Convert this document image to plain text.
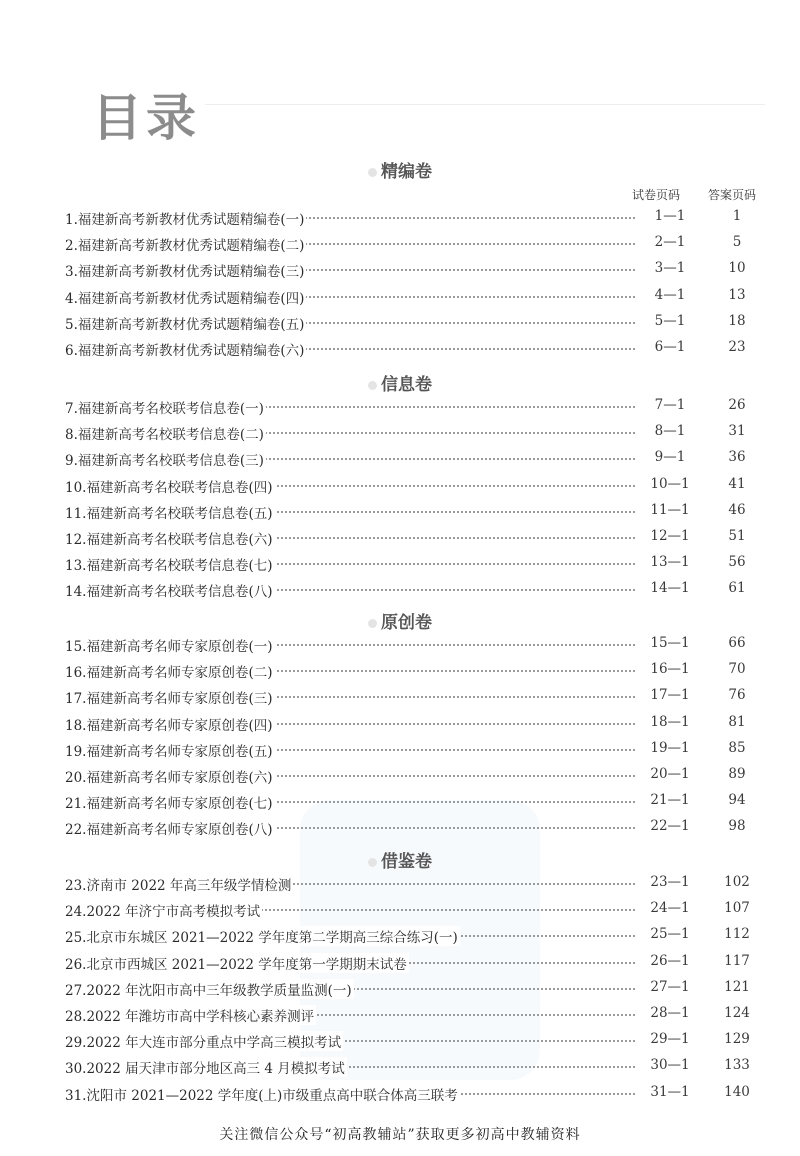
目录
试卷页码 答案页码
精编卷
1.福建新高考新教材优秀试题精编卷(一)	1—1	1
2.福建新高考新教材优秀试题精编卷(二)	2—1	5
3.福建新高考新教材优秀试题精编卷(三)	3—1	10
4.福建新高考新教材优秀试题精编卷(四)	4—1	13
5.福建新高考新教材优秀试题精编卷(五)	5—1	18
6.福建新高考新教材优秀试题精编卷(六)	6—1	23
信息卷
7.福建新高考名校联考信息卷(一)	7—1	26
8.福建新高考名校联考信息卷(二)	8—1	31
9.福建新高考名校联考信息卷(三)	9—1	36
10.福建新高考名校联考信息卷(四)	10—1	41
11.福建新高考名校联考信息卷(五)	11—1	46
12.福建新高考名校联考信息卷(六)	12—1	51
13.福建新高考名校联考信息卷(七)	13—1	56
14.福建新高考名校联考信息卷(八)	14—1	61
原创卷
15.福建新高考名师专家原创卷(一)	15—1	66
16.福建新高考名师专家原创卷(二)	16—1	70
17.福建新高考名师专家原创卷(三)	17—1	76
18.福建新高考名师专家原创卷(四)	18—1	81
19.福建新高考名师专家原创卷(五)	19—1	85
20.福建新高考名师专家原创卷(六)	20—1	89
21.福建新高考名师专家原创卷(七)	21—1	94
22.福建新高考名师专家原创卷(八)	22—1	98
借鉴卷
23.济南市 2022 年高三年级学情检测	23—1	102
24.2022 年济宁市高考模拟考试	24—1	107
25.北京市东城区 2021—2022 学年度第二学期高三综合练习(一)	25—1	112
26.北京市西城区 2021—2022 学年度第一学期期末试卷	26—1	117
27.2022 年沈阳市高中三年级教学质量监测(一)	27—1	121
28.2022 年潍坊市高中学科核心素养测评	28—1	124
29.2022 年大连市部分重点中学高三模拟考试	29—1	129
30.2022 届天津市部分地区高三 4 月模拟考试	30—1	133
31.沈阳市 2021—2022 学年度(上)市级重点高中联合体高三联考	31—1	140
关注微信公众号“初高教辅站”获取更多初高中教辅资料
